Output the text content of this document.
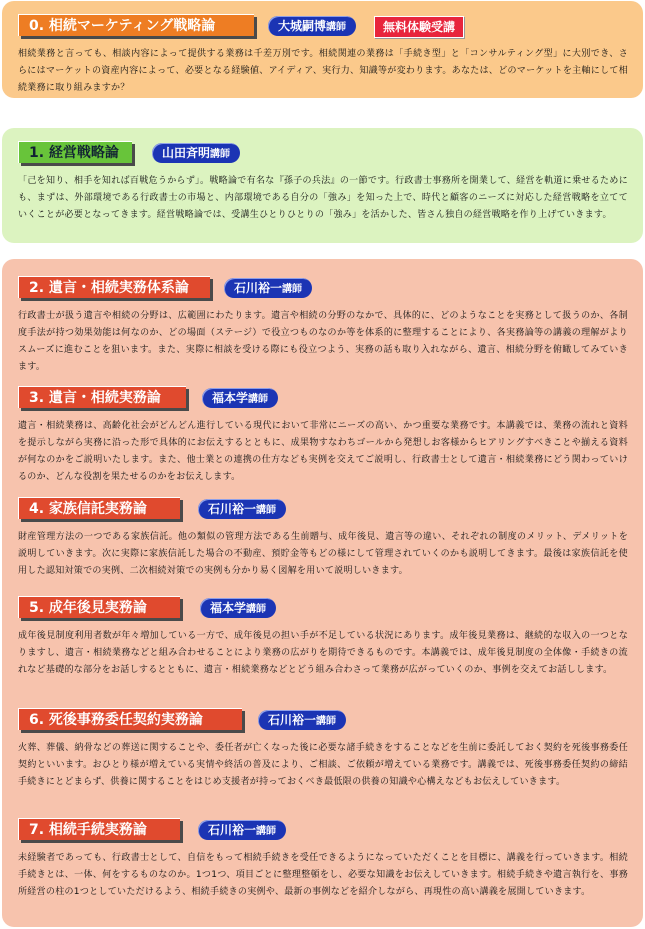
0. 相続マーケティング戦略論	大城嗣博講師	無料体験受講
相続業務と言っても、相談内容によって提供する業務は千差万別です。相続関連の業務は「手続き型」と「コンサルティング型」に大別でき、さらにはマーケットの資産内容によって、必要となる経験値、アイディア、実行力、知識等が変わります。あなたは、どのマーケットを主軸にして相続業務に取り組みますか？
1. 経営戦略論	山田斉明講師
「己を知り、相手を知れば百戦危うからず」。戦略論で有名な『孫子の兵法』の一節です。行政書士事務所を開業して、経営を軌道に乗せるためにも、まずは、外部環境である行政書士の市場と、内部環境である自分の「強み」を知った上で、時代と顧客のニーズに対応した経営戦略を立てていくことが必要となってきます。経営戦略論では、受講生ひとりひとりの「強み」を活かした、皆さん独自の経営戦略を作り上げていきます。
2. 遺言・相続実務体系論	石川裕一講師
行政書士が扱う遺言や相続の分野は、広範囲にわたります。遺言や相続の分野のなかで、具体的に、どのようなことを実務として扱うのか、各制度手法が持つ効果効能は何なのか、どの場面（ステージ）で役立つものなのか等を体系的に整理することにより、各実務論等の講義の理解がよりスムーズに進むことを狙います。また、実際に相談を受ける際にも役立つよう、実務の話も取り入れながら、遺言、相続分野を俯瞰してみていきます。
3. 遺言・相続実務論	福本学講師
遺言・相続業務は、高齢化社会がどんどん進行している現代において非常にニーズの高い、かつ重要な業務です。本講義では、業務の流れと資料を提示しながら実務に沿った形で具体的にお伝えするとともに、成果物すなわちゴールから発想しお客様からヒアリングすべきことや揃える資料が何なのかをご説明いたします。また、他士業との連携の仕方なども実例を交えてご説明し、行政書士として遺言・相続業務にどう関わっていけるのか、どんな役割を果たせるのかをお伝えします。
4. 家族信託実務論	石川裕一講師
財産管理方法の一つである家族信託。他の類似の管理方法である生前贈与、成年後見、遺言等の違い、それぞれの制度のメリット、デメリットを説明していきます。次に実際に家族信託した場合の不動産、預貯金等もどの様にして管理されていくのかも説明してきます。最後は家族信託を使用した認知対策での実例、二次相続対策での実例も分かり易く図解を用いて説明しいきます。
5. 成年後見実務論	福本学講師
成年後見制度利用者数が年々増加している一方で、成年後見の担い手が不足している状況にあります。成年後見業務は、継続的な収入の一つとなりますし、遺言・相続業務などと組み合わせることにより業務の広がりを期待できるものです。本講義では、成年後見制度の全体像・手続きの流れなど基礎的な部分をお話しするとともに、遺言・相続業務などとどう組み合わさって業務が広がっていくのか、事例を交えてお話しします。
6. 死後事務委任契約実務論	石川裕一講師
火葬、葬儀、納骨などの葬送に関することや、委任者が亡くなった後に必要な諸手続きをすることなどを生前に委託しておく契約を死後事務委任契約といいます。おひとり様が増えている実情や終活の普及により、ご相談、ご依頼が増えている業務です。講義では、死後事務委任契約の締結手続きにとどまらず、供養に関することをはじめ支援者が持っておくべき最低限の供養の知識や心構えなどもお伝えしていきます。
7. 相続手続実務論	石川裕一講師
未経験者であっても、行政書士として、自信をもって相続手続きを受任できるようになっていただくことを目標に、講義を行っていきます。相続手続きとは、一体、何をするものなのか。1つ1つ、項目ごとに整理整頓をし、必要な知識をお伝えしていきます。相続手続きや遺言執行を、事務所経営の柱の1つとしていただけるよう、相続手続きの実例や、最新の事例などを紹介しながら、再現性の高い講義を展開していきます。
